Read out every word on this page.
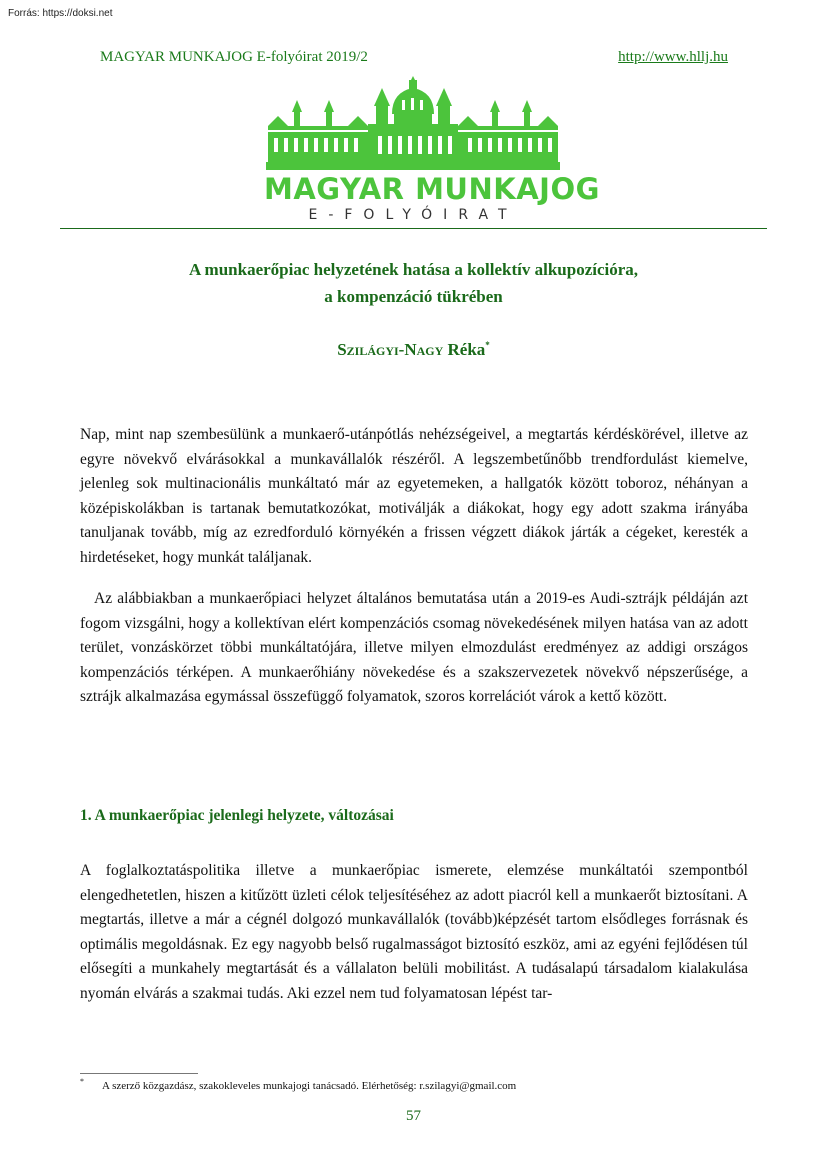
Forrás: https://doksi.net
MAGYAR MUNKAJOG E-folyóirat 2019/2	http://www.hllj.hu
MAGYAR MUNKAJOG
E-FOLYÓIRAT
A munkaerőpiac helyzetének hatása a kollektív alkupozícióra,
a kompenzáció tükrében
Szilágyi-Nagy Réka*
Nap, mint nap szembesülünk a munkaerő-utánpótlás nehézségeivel, a megtartás kérdéskörével, illetve az egyre növekvő elvárásokkal a munkavállalók részéről. A legszembetűnőbb trendfordulást kiemelve, jelenleg sok multinacionális munkáltató már az egyetemeken, a hallgatók között toboroz, néhányan a középiskolákban is tartanak bemutatkozókat, motiválják a diákokat, hogy egy adott szakma irányába tanuljanak tovább, míg az ezredforduló környékén a frissen végzett diákok járták a cégeket, keresték a hirdetéseket, hogy munkát találjanak.
Az alábbiakban a munkaerőpiaci helyzet általános bemutatása után a 2019-es Audi-sztrájk példáján azt fogom vizsgálni, hogy a kollektívan elért kompenzációs csomag növekedésének milyen hatása van az adott terület, vonzáskörzet többi munkáltatójára, illetve milyen elmozdulást eredményez az addigi országos kompenzációs térképen. A munkaerőhiány növekedése és a szakszervezetek növekvő népszerűsége, a sztrájk alkalmazása egymással összefüggő folyamatok, szoros korrelációt várok a kettő között.
1. A munkaerőpiac jelenlegi helyzete, változásai
A foglalkoztatáspolitika illetve a munkaerőpiac ismerete, elemzése munkáltatói szempontból elengedhetetlen, hiszen a kitűzött üzleti célok teljesítéséhez az adott piacról kell a munkaerőt biztosítani. A megtartás, illetve a már a cégnél dolgozó munkavállalók (tovább)képzését tartom elsődleges forrásnak és optimális megoldásnak. Ez egy nagyobb belső rugalmasságot biztosító eszköz, ami az egyéni fejlődésen túl elősegíti a munkahely megtartását és a vállalaton belüli mobilitást. A tudásalapú társadalom kialakulása nyomán elvárás a szakmai tudás. Aki ezzel nem tud folyamatosan lépést tar-
* A szerző közgazdász, szakokleveles munkajogi tanácsadó. Elérhetőség: r.szilagyi@gmail.com
57
